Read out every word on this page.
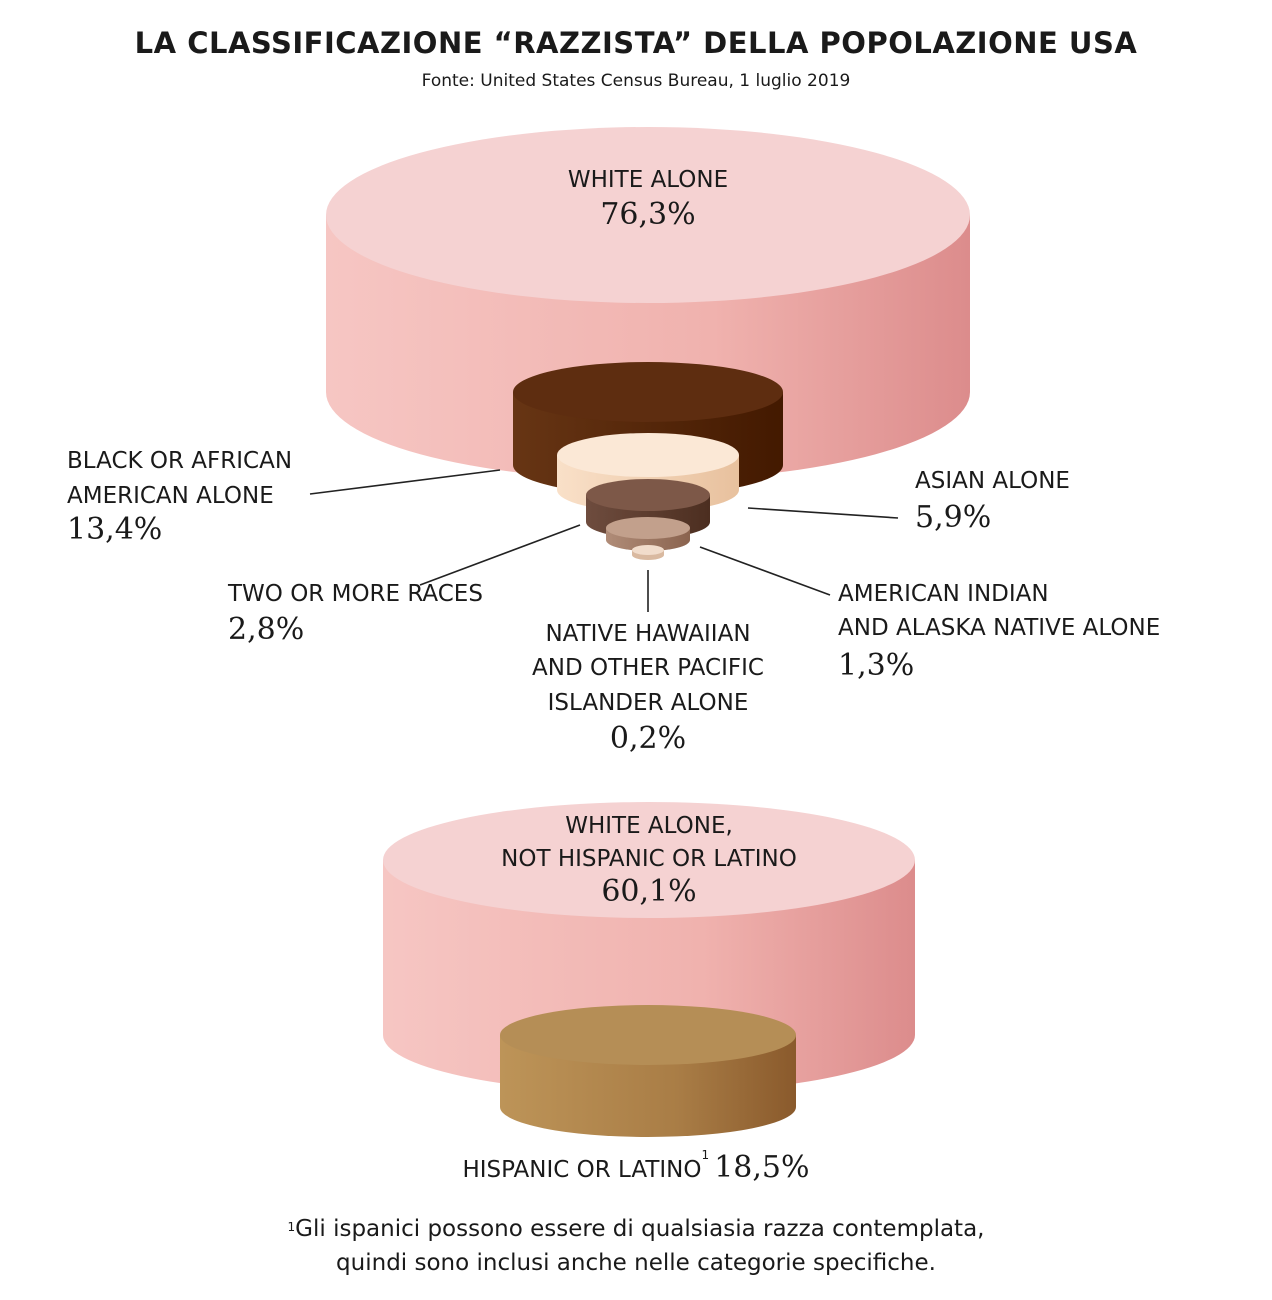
LA CLASSIFICAZIONE “RAZZISTA” DELLA POPOLAZIONE USA
Fonte: United States Census Bureau, 1 luglio 2019
WHITE ALONE
76,3%
BLACK OR AFRICAN
AMERICAN ALONE
13,4%
ASIAN ALONE
5,9%
TWO OR MORE RACES
2,8%
AMERICAN INDIAN
AND ALASKA NATIVE ALONE
1,3%
NATIVE HAWAIIAN
AND OTHER PACIFIC
ISLANDER ALONE
0,2%
WHITE ALONE,
NOT HISPANIC OR LATINO
60,1%
HISPANIC OR LATINO$^1$ 18,5%
$^1$Gli ispanici possono essere di qualsiasia razza contemplata,
quindi sono inclusi anche nelle categorie specifiche.
